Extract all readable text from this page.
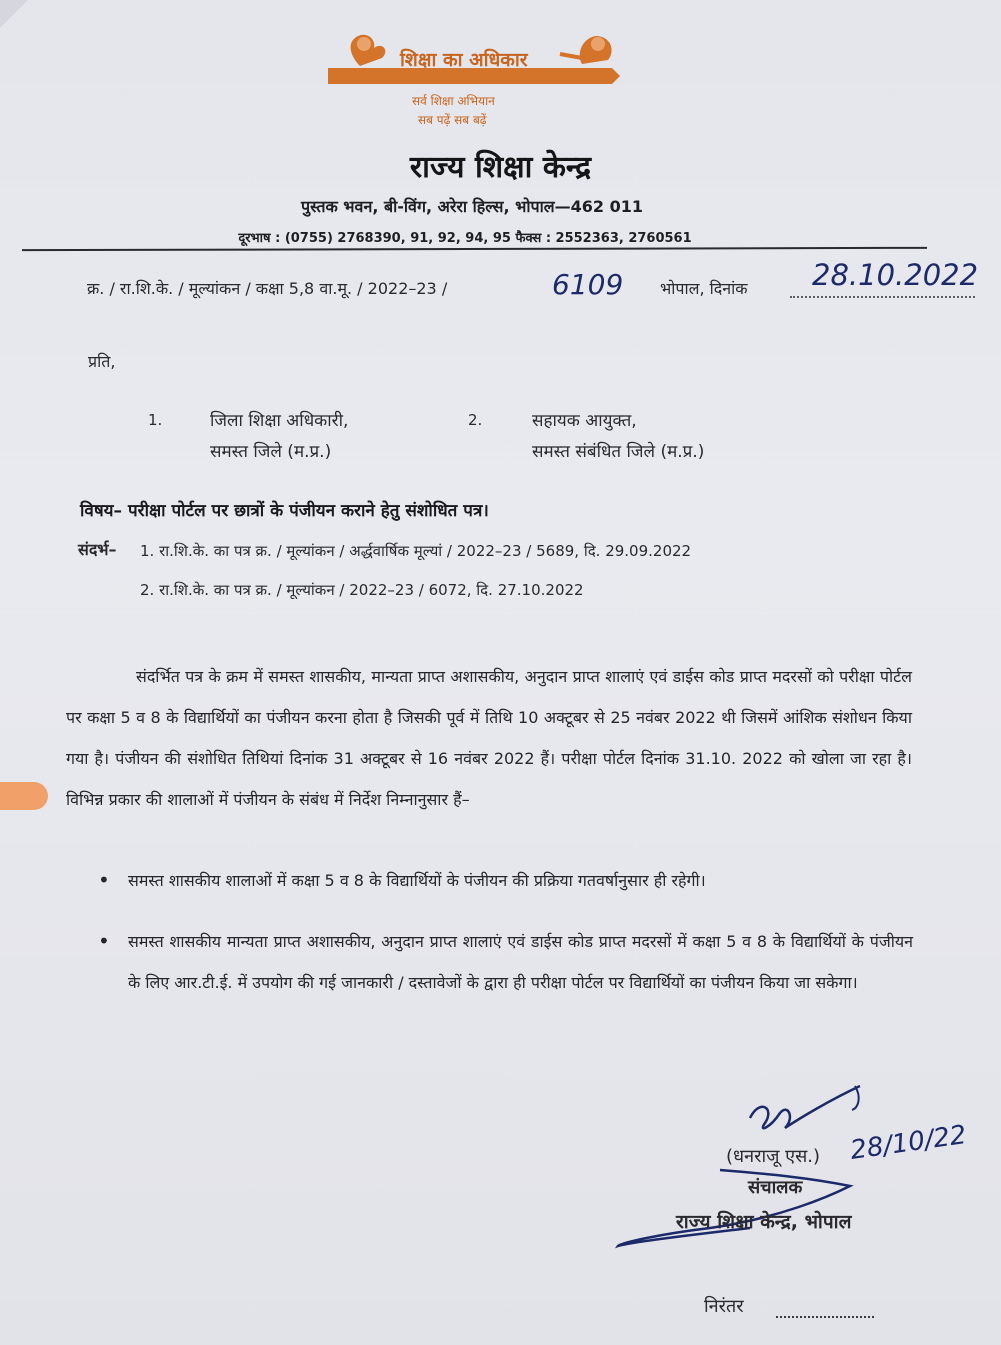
शिक्षा का अधिकार
सर्व शिक्षा अभियान
सब पढ़ें सब बढ़ें
राज्य शिक्षा केन्द्र
पुस्तक भवन, बी-विंग, अरेरा हिल्स, भोपाल—462 011
दूरभाष : (0755) 2768390, 91, 92, 94, 95 फैक्स : 2552363, 2760561
क्र. / रा.शि.के. / मूल्यांकन / कक्षा 5,8 वा.मू. / 2022–23 /	6109 भोपाल, दिनांक 28.10.2022
प्रति,
1.	जिला शिक्षा अधिकारी,
समस्त जिले (म.प्र.)
2.	सहायक आयुक्त,
समस्त संबंधित जिले (म.प्र.)
विषय– परीक्षा पोर्टल पर छात्रों के पंजीयन कराने हेतु संशोधित पत्र।
संदर्भ– 1. रा.शि.के. का पत्र क्र. / मूल्यांकन / अर्द्धवार्षिक मूल्यां / 2022–23 / 5689, दि. 29.09.2022
2. रा.शि.के. का पत्र क्र. / मूल्यांकन / 2022–23 / 6072, दि. 27.10.2022
संदर्भित पत्र के क्रम में समस्त शासकीय, मान्यता प्राप्त अशासकीय, अनुदान प्राप्त शालाएं एवं डाईस कोड प्राप्त मदरसों को परीक्षा पोर्टल पर कक्षा 5 व 8 के विद्यार्थियों का पंजीयन करना होता है जिसकी पूर्व में तिथि 10 अक्टूबर से 25 नवंबर 2022 थी जिसमें आंशिक संशोधन किया गया है। पंजीयन की संशोधित तिथियां दिनांक 31 अक्टूबर से 16 नवंबर 2022 हैं। परीक्षा पोर्टल दिनांक 31.10. 2022 को खोला जा रहा है। विभिन्न प्रकार की शालाओं में पंजीयन के संबंध में निर्देश निम्नानुसार हैं–
• समस्त शासकीय शालाओं में कक्षा 5 व 8 के विद्यार्थियों के पंजीयन की प्रक्रिया गतवर्षानुसार ही रहेगी।
• समस्त शासकीय मान्यता प्राप्त अशासकीय, अनुदान प्राप्त शालाएं एवं डाईस कोड प्राप्त मदरसों में कक्षा 5 व 8 के विद्यार्थियों के पंजीयन के लिए आर.टी.ई. में उपयोग की गई जानकारी / दस्तावेजों के द्वारा ही परीक्षा पोर्टल पर विद्यार्थियों का पंजीयन किया जा सकेगा।
(धनराजू एस.) 28/10/22
संचालक
राज्य शिक्षा केन्द्र, भोपाल
निरंतर
